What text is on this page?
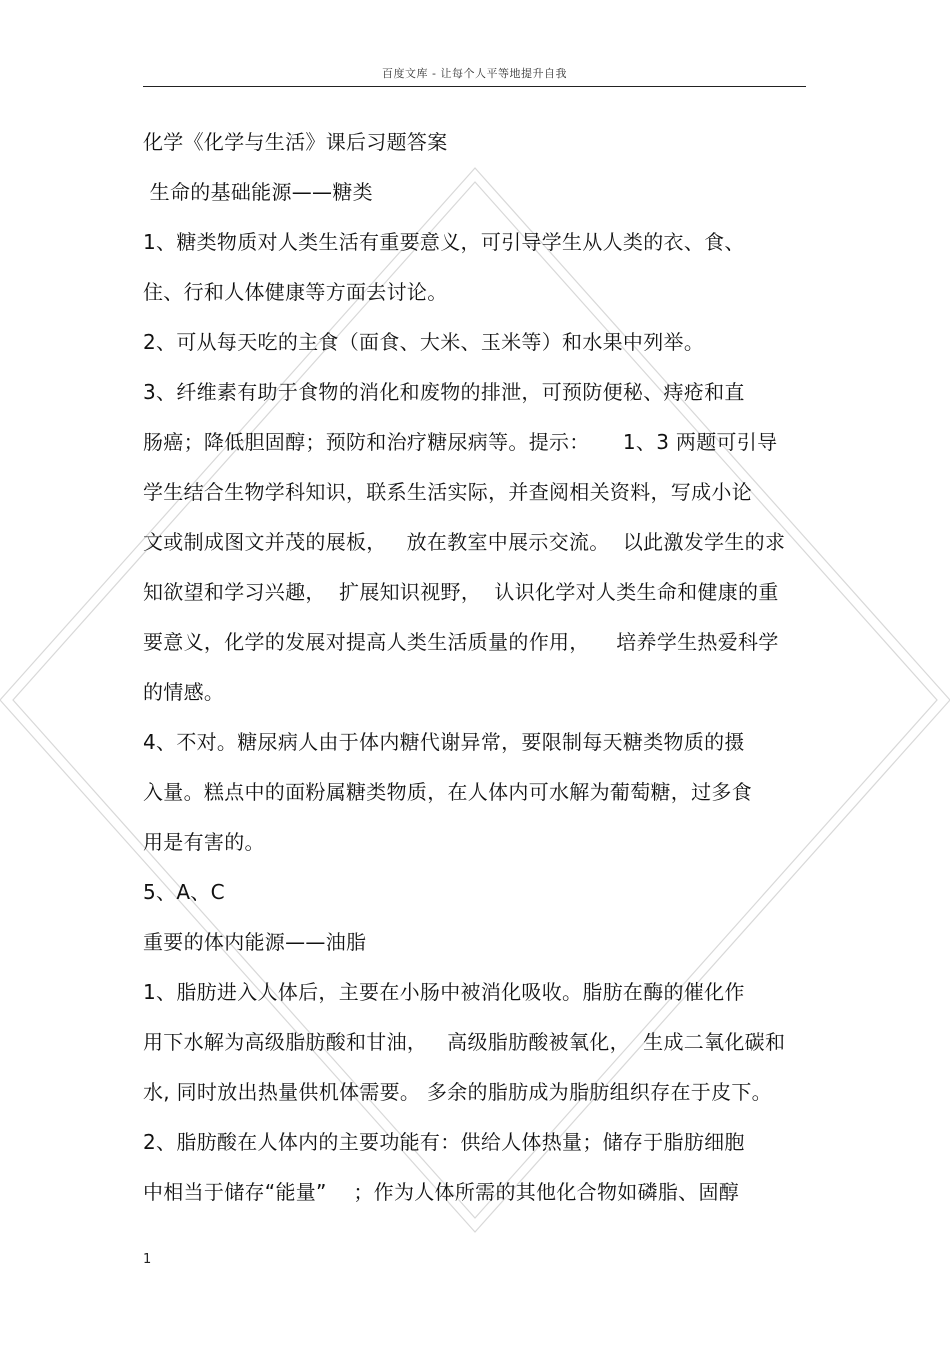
百度文库 - 让每个人平等地提升自我
化学《化学与生活》课后习题答案
生命的基础能源——糖类
1、糖类物质对人类生活有重要意义，可引导学生从人类的衣、食、
住、行和人体健康等方面去讨论。
2、可从每天吃的主食（面食、大米、玉米等）和水果中列举。
3、纤维素有助于食物的消化和废物的排泄，可预防便秘、痔疮和直
肠癌；降低胆固醇；预防和治疗糖尿病等。提示：     1、3 两题可引导
学生结合生物学科知识，联系生活实际，并查阅相关资料，写成小论
文或制成图文并茂的展板，   放在教室中展示交流。  以此激发学生的求
知欲望和学习兴趣，  扩展知识视野，  认识化学对人类生命和健康的重
要意义，化学的发展对提高人类生活质量的作用，    培养学生热爱科学
的情感。
4、不对。糖尿病人由于体内糖代谢异常，要限制每天糖类物质的摄
入量。糕点中的面粉属糖类物质，在人体内可水解为葡萄糖，过多食
用是有害的。
5、A、C
重要的体内能源——油脂
1、脂肪进入人体后，主要在小肠中被消化吸收。脂肪在酶的催化作
用下水解为高级脂肪酸和甘油，   高级脂肪酸被氧化，  生成二氧化碳和
水, 同时放出热量供机体需要。 多余的脂肪成为脂肪组织存在于皮下。
2、脂肪酸在人体内的主要功能有：供给人体热量；储存于脂肪细胞
中相当于储存“能量”    ；作为人体所需的其他化合物如磷脂、固醇
1
